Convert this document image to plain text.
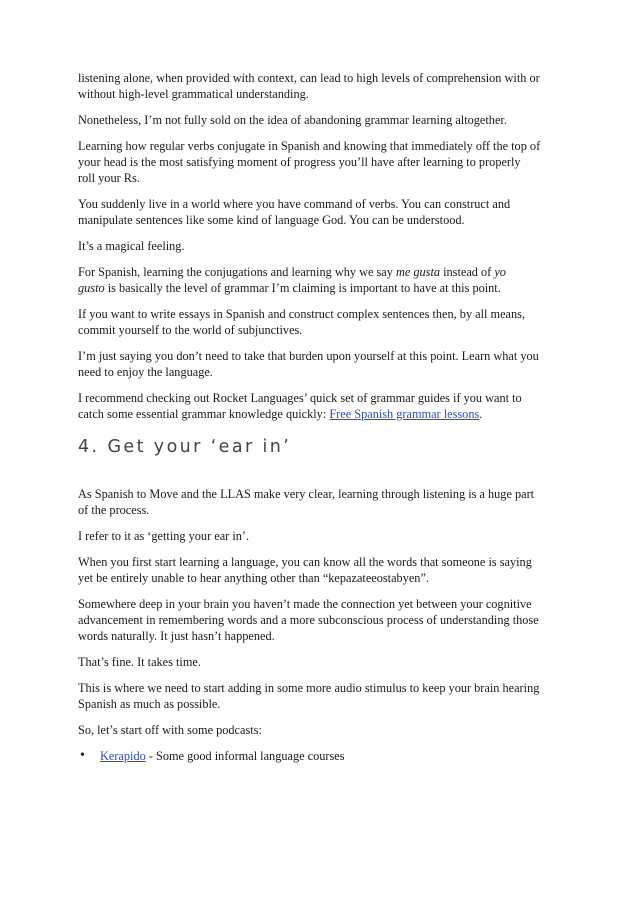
listening alone, when provided with context, can lead to high levels of comprehension with or
without high-level grammatical understanding.

Nonetheless, I’m not fully sold on the idea of abandoning grammar learning altogether.

Learning how regular verbs conjugate in Spanish and knowing that immediately off the top of
your head is the most satisfying moment of progress you’ll have after learning to properly
roll your Rs.

You suddenly live in a world where you have command of verbs. You can construct and
manipulate sentences like some kind of language God. You can be understood.

It’s a magical feeling.

For Spanish, learning the conjugations and learning why we say me gusta instead of yo
gusto is basically the level of grammar I’m claiming is important to have at this point.

If you want to write essays in Spanish and construct complex sentences then, by all means,
commit yourself to the world of subjunctives.

I’m just saying you don’t need to take that burden upon yourself at this point. Learn what you
need to enjoy the language.

I recommend checking out Rocket Languages’ quick set of grammar guides if you want to
catch some essential grammar knowledge quickly: Free Spanish grammar lessons.

4. Get your ‘ear in’

As Spanish to Move and the LLAS make very clear, learning through listening is a huge part
of the process.

I refer to it as ‘getting your ear in’.

When you first start learning a language, you can know all the words that someone is saying
yet be entirely unable to hear anything other than “kepazateeostabyen”.

Somewhere deep in your brain you haven’t made the connection yet between your cognitive
advancement in remembering words and a more subconscious process of understanding those
words naturally. It just hasn’t happened.

That’s fine. It takes time.

This is where we need to start adding in some more audio stimulus to keep your brain hearing
Spanish as much as possible.

So, let’s start off with some podcasts:

• Kerapido - Some good informal language courses
